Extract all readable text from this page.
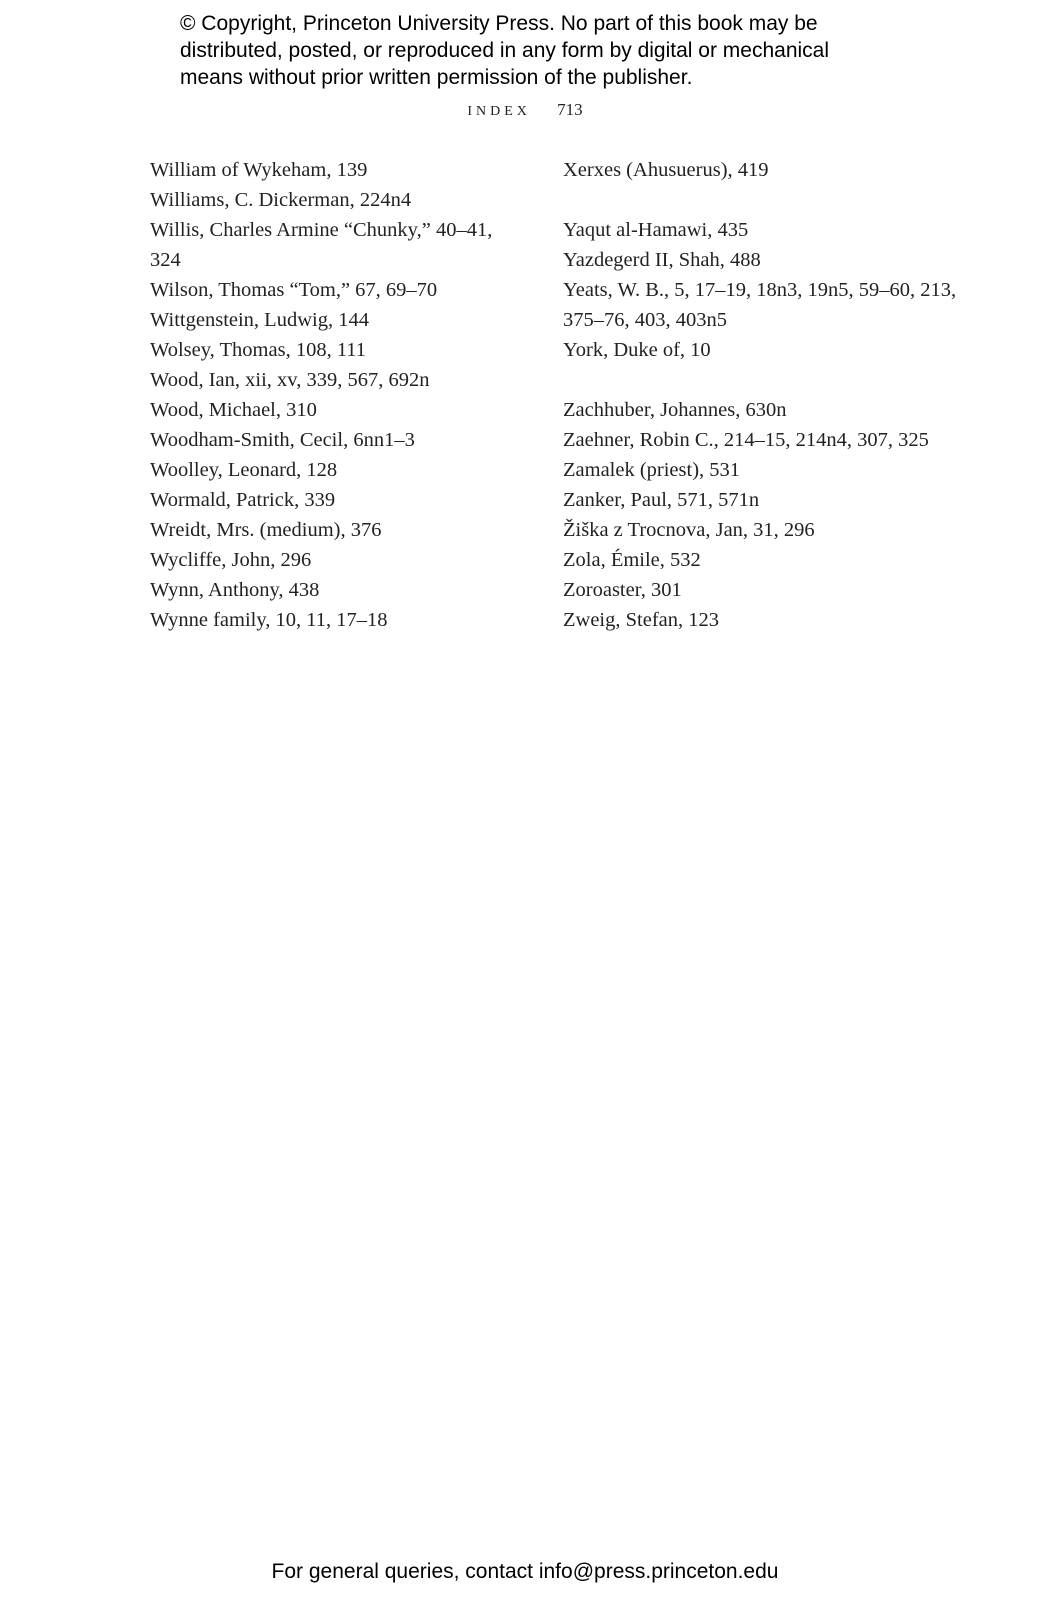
© Copyright, Princeton University Press. No part of this book may be
distributed, posted, or reproduced in any form by digital or mechanical
means without prior written permission of the publisher.
INDEX 713
William of Wykeham, 139
Williams, C. Dickerman, 224n4
Willis, Charles Armine “Chunky,” 40–41,
324
Wilson, Thomas “Tom,” 67, 69–70
Wittgenstein, Ludwig, 144
Wolsey, Thomas, 108, 111
Wood, Ian, xii, xv, 339, 567, 692n
Wood, Michael, 310
Woodham-Smith, Cecil, 6nn1–3
Woolley, Leonard, 128
Wormald, Patrick, 339
Wreidt, Mrs. (medium), 376
Wycliffe, John, 296
Wynn, Anthony, 438
Wynne family, 10, 11, 17–18
Xerxes (Ahusuerus), 419
Yaqut al-Hamawi, 435
Yazdegerd II, Shah, 488
Yeats, W. B., 5, 17–19, 18n3, 19n5, 59–60, 213,
375–76, 403, 403n5
York, Duke of, 10
Zachhuber, Johannes, 630n
Zaehner, Robin C., 214–15, 214n4, 307, 325
Zamalek (priest), 531
Zanker, Paul, 571, 571n
Žiška z Trocnova, Jan, 31, 296
Zola, Émile, 532
Zoroaster, 301
Zweig, Stefan, 123
For general queries, contact info@press.princeton.edu
